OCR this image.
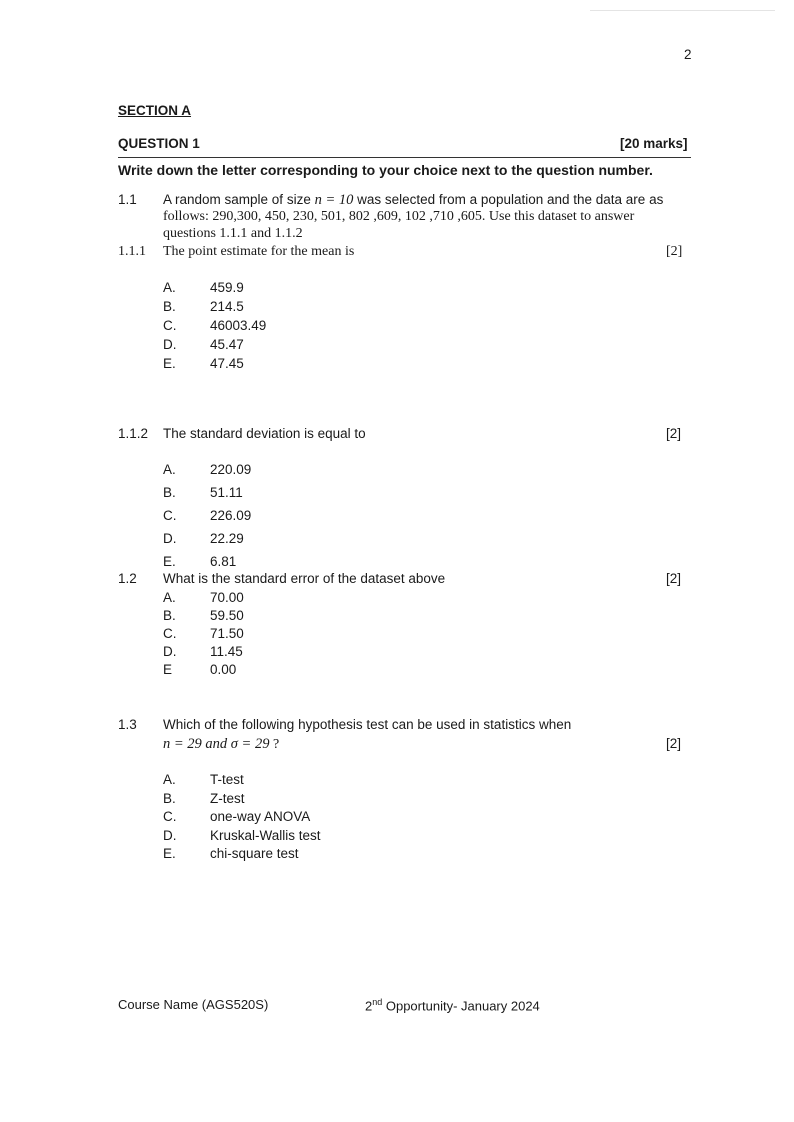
2
SECTION A
QUESTION 1	[20 marks]
Write down the letter corresponding to your choice next to the question number.
1.1 A random sample of size n = 10 was selected from a population and the data are as
follows: 290,300, 450, 230, 501, 802 ,609, 102 ,710 ,605. Use this dataset to answer
questions 1.1.1 and 1.1.2
1.1.1 The point estimate for the mean is	[2]
A.	459.9
B.	214.5
C. 46003.49
D. 45.47
E.	47.45
1.1.2 The standard deviation is equal to	[2]
A.	220.09
B.	51.11
C. 226.09
D. 22.29
E.	6.81
1.2 What is the standard error of the dataset above	[2]
A.	70.00
B.	59.50
C. 71.50
D. 11.45
E	0.00
1.3 Which of the following hypothesis test can be used in statistics when
n = 29 and σ = 29 ?	[2]
A.	T-test
B.	Z-test
C. one-way ANOVA
D. Kruskal-Wallis test
E.	chi-square test
Course Name (AGS520S)	2nd Opportunity- January 2024
